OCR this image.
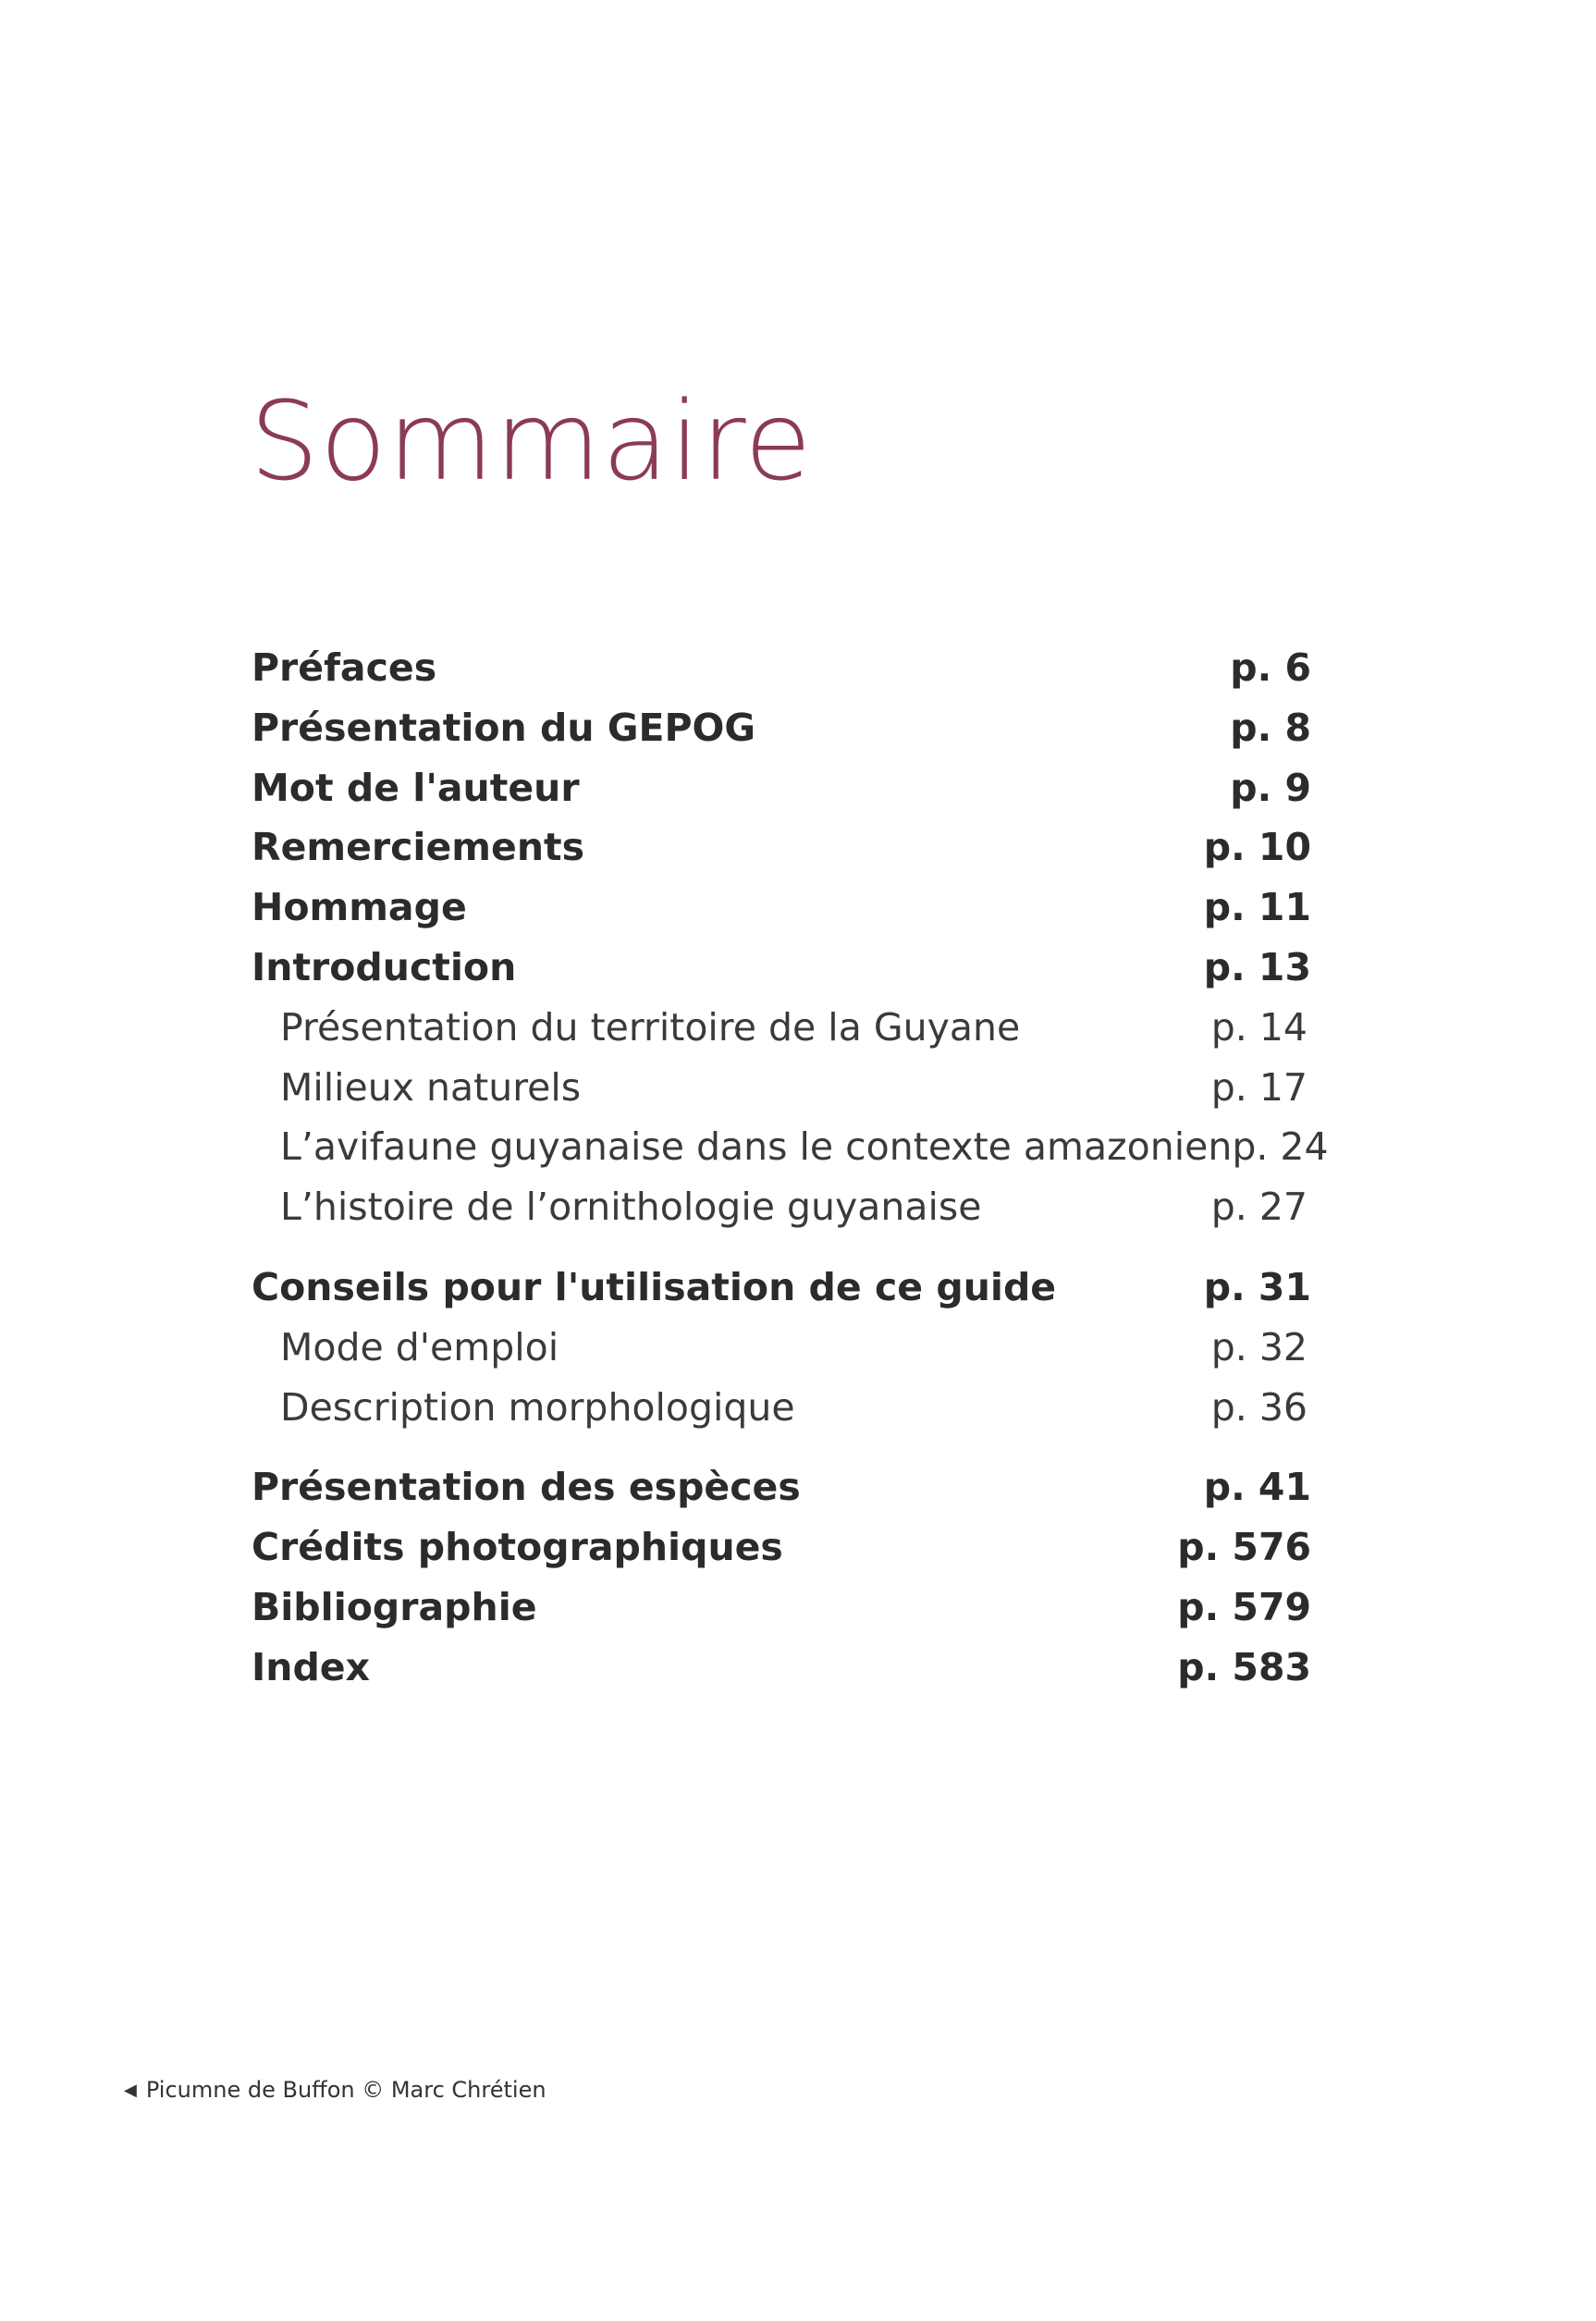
Sommaire
Préfaces	p. 6
Présentation du GEPOG	p. 8
Mot de l'auteur	p. 9
Remerciements	p. 10
Hommage	p. 11
Introduction	p. 13
Présentation du territoire de la Guyane	p. 14
Milieux naturels	p. 17
L’avifaune guyanaise dans le contexte amazonien p. 24
L’histoire de l’ornithologie guyanaise	p. 27
Conseils pour l'utilisation de ce guide	p. 31
Mode d'emploi	p. 32
Description morphologique	p. 36
Présentation des espèces	p. 41
Crédits photographiques	p. 576
Bibliographie	p. 579
Index	p. 583
◀ Picumne de Buffon © Marc Chrétien
